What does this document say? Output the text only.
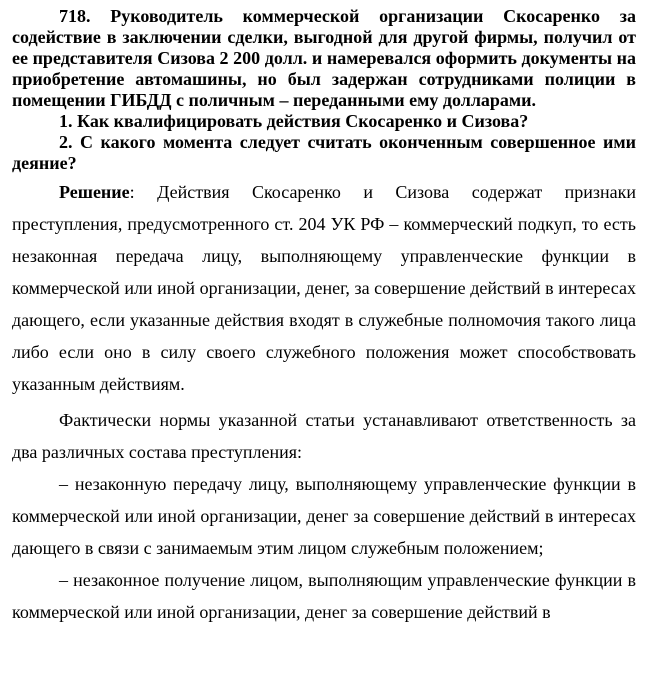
718. Руководитель коммерческой организации Скосаренко за содействие в заключении сделки, выгодной для другой фирмы, получил от ее представителя Сизова 2 200 долл. и намеревался оформить документы на приобретение автомашины, но был задержан сотрудниками полиции в помещении ГИБДД с поличным – переданными ему долларами.

1. Как квалифицировать действия Скосаренко и Сизова?

2. С какого момента следует считать оконченным совершенное ими деяние?

Решение: Действия Скосаренко и Сизова содержат признаки преступления, предусмотренного ст. 204 УК РФ – коммерческий подкуп, то есть незаконная передача лицу, выполняющему управленческие функции в коммерческой или иной организации, денег, за совершение действий в интересах дающего, если указанные действия входят в служебные полномочия такого лица либо если оно в силу своего служебного положения может способствовать указанным действиям.

Фактически нормы указанной статьи устанавливают ответственность за два различных состава преступления:

– незаконную передачу лицу, выполняющему управленческие функции в коммерческой или иной организации, денег за совершение действий в интересах дающего в связи с занимаемым этим лицом служебным положением;

– незаконное получение лицом, выполняющим управленческие функции в коммерческой или иной организации, денег за совершение действий в
